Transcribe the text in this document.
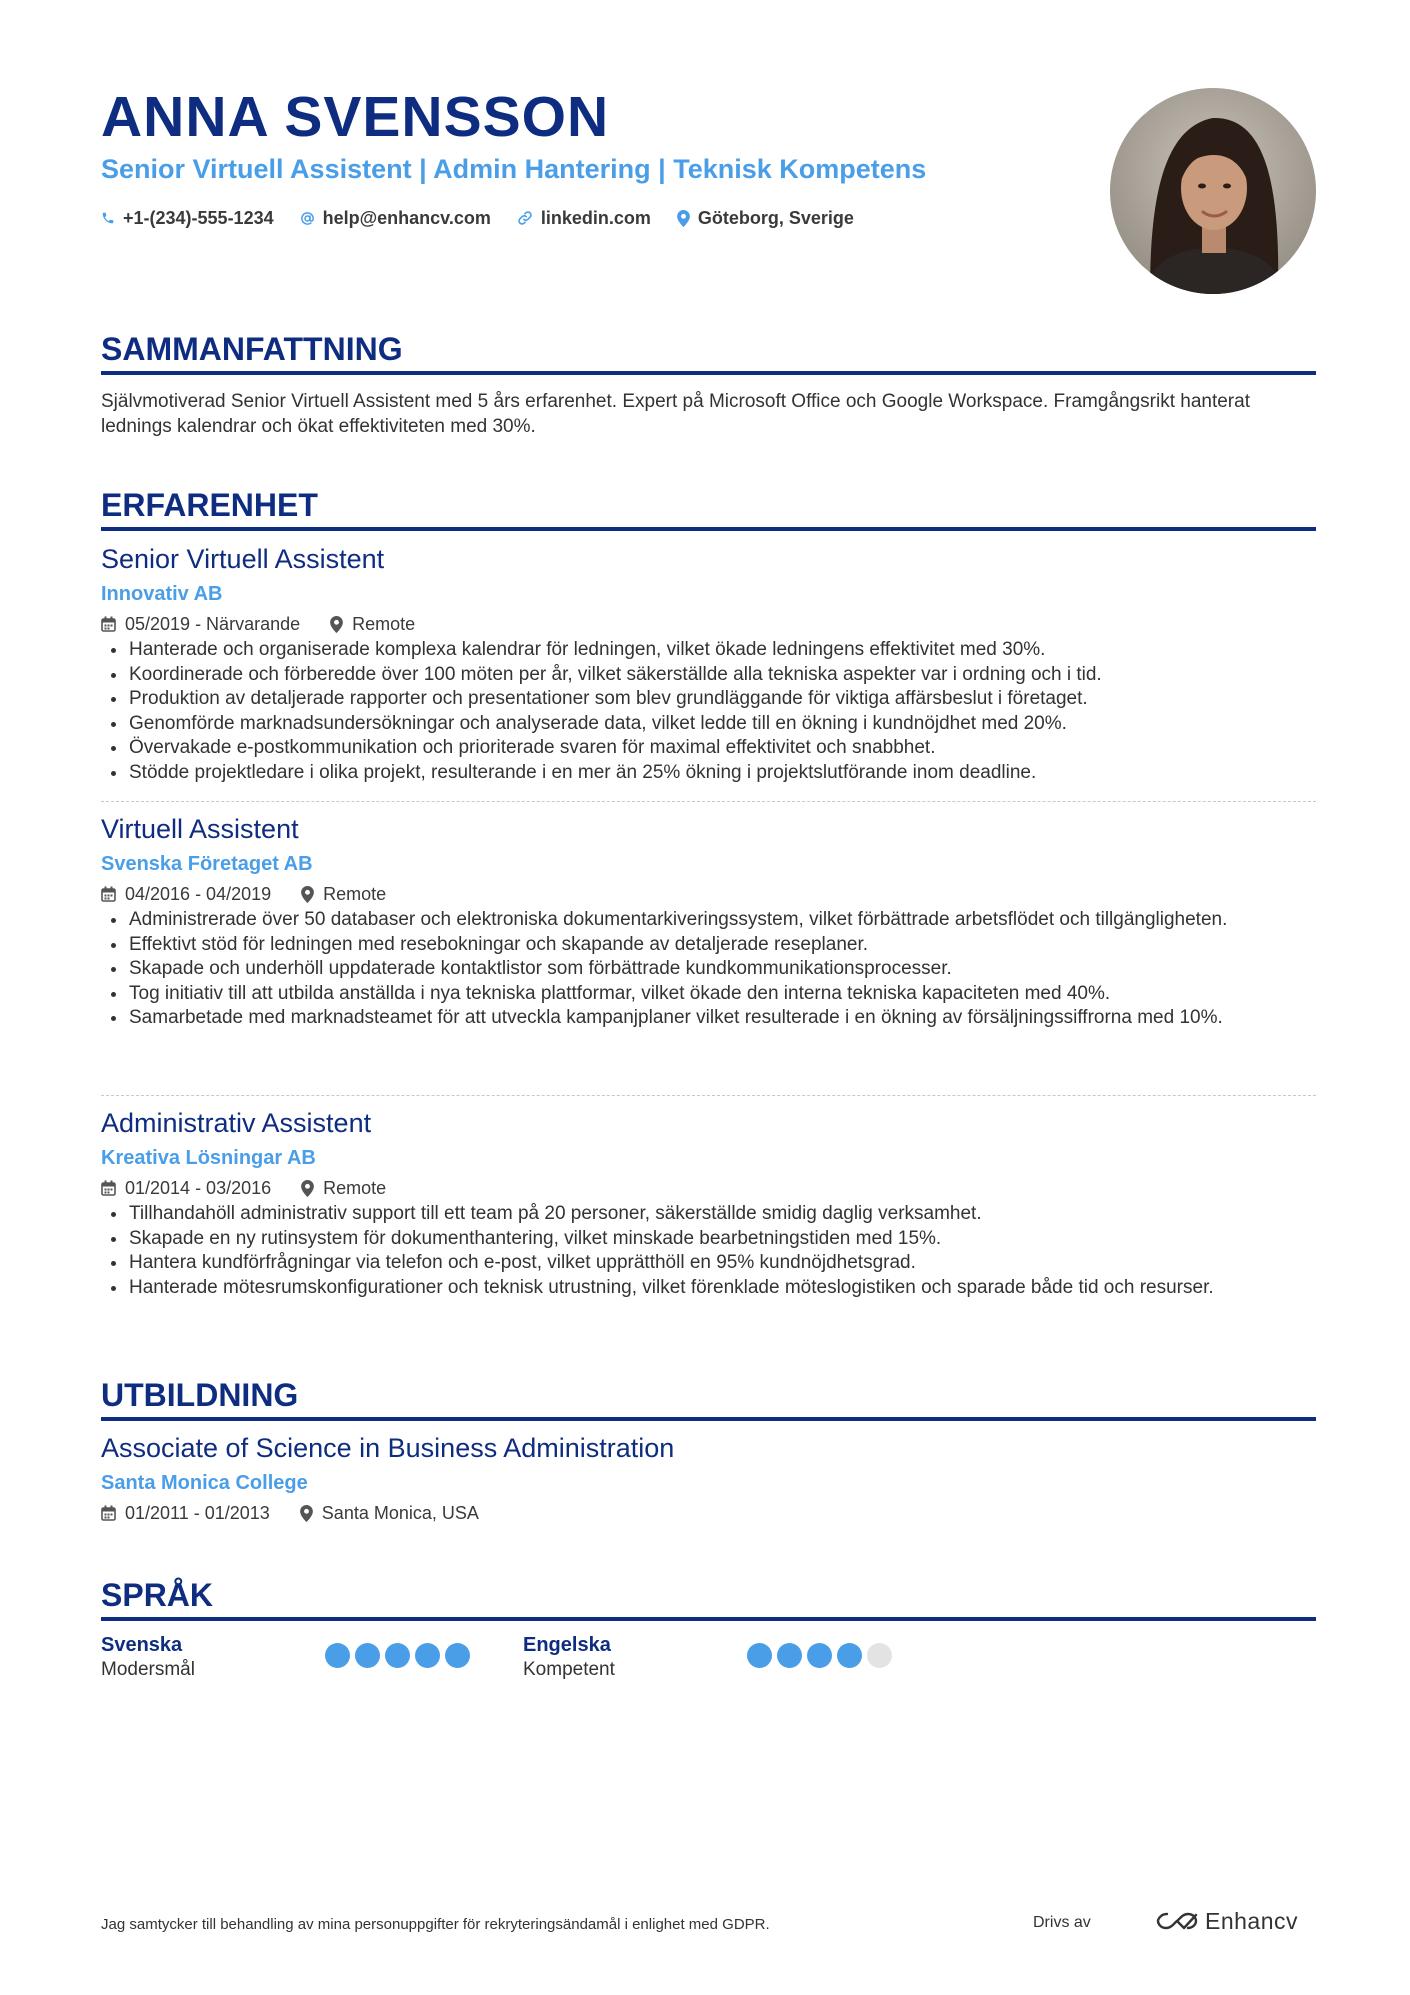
ANNA SVENSSON
Senior Virtuell Assistent | Admin Hantering | Teknisk Kompetens
+1-(234)-555-1234	help@enhancv.com	linkedin.com	Göteborg, Sverige
SAMMANFATTNING
Självmotiverad Senior Virtuell Assistent med 5 års erfarenhet. Expert på Microsoft Office och Google Workspace. Framgångsrikt hanterat lednings kalendrar och ökat effektiviteten med 30%.
ERFARENHET
Senior Virtuell Assistent
Innovativ AB
05/2019 - Närvarande	Remote
Hanterade och organiserade komplexa kalendrar för ledningen, vilket ökade ledningens effektivitet med 30%.
Koordinerade och förberedde över 100 möten per år, vilket säkerställde alla tekniska aspekter var i ordning och i tid.
Produktion av detaljerade rapporter och presentationer som blev grundläggande för viktiga affärsbeslut i företaget.
Genomförde marknadsundersökningar och analyserade data, vilket ledde till en ökning i kundnöjdhet med 20%.
Övervakade e-postkommunikation och prioriterade svaren för maximal effektivitet och snabbhet.
Stödde projektledare i olika projekt, resulterande i en mer än 25% ökning i projektslutförande inom deadline.
Virtuell Assistent
Svenska Företaget AB
04/2016 - 04/2019	Remote
Administrerade över 50 databaser och elektroniska dokumentarkiveringssystem, vilket förbättrade arbetsflödet och tillgängligheten.
Effektivt stöd för ledningen med resebokningar och skapande av detaljerade reseplaner.
Skapade och underhöll uppdaterade kontaktlistor som förbättrade kundkommunikationsprocesser.
Tog initiativ till att utbilda anställda i nya tekniska plattformar, vilket ökade den interna tekniska kapaciteten med 40%.
Samarbetade med marknadsteamet för att utveckla kampanjplaner vilket resulterade i en ökning av försäljningssiffrorna med 10%.
Administrativ Assistent
Kreativa Lösningar AB
01/2014 - 03/2016	Remote
Tillhandahöll administrativ support till ett team på 20 personer, säkerställde smidig daglig verksamhet.
Skapade en ny rutinsystem för dokumenthantering, vilket minskade bearbetningstiden med 15%.
Hantera kundförfrågningar via telefon och e-post, vilket upprätthöll en 95% kundnöjdhetsgrad.
Hanterade mötesrumskonfigurationer och teknisk utrustning, vilket förenklade möteslogistiken och sparade både tid och resurser.
UTBILDNING
Associate of Science in Business Administration
Santa Monica College
01/2011 - 01/2013	Santa Monica, USA
SPRÅK
Svenska
Modersmål
Engelska
Kompetent
Jag samtycker till behandling av mina personuppgifter för rekryteringsändamål i enlighet med GDPR.	Drivs av	Enhancv
